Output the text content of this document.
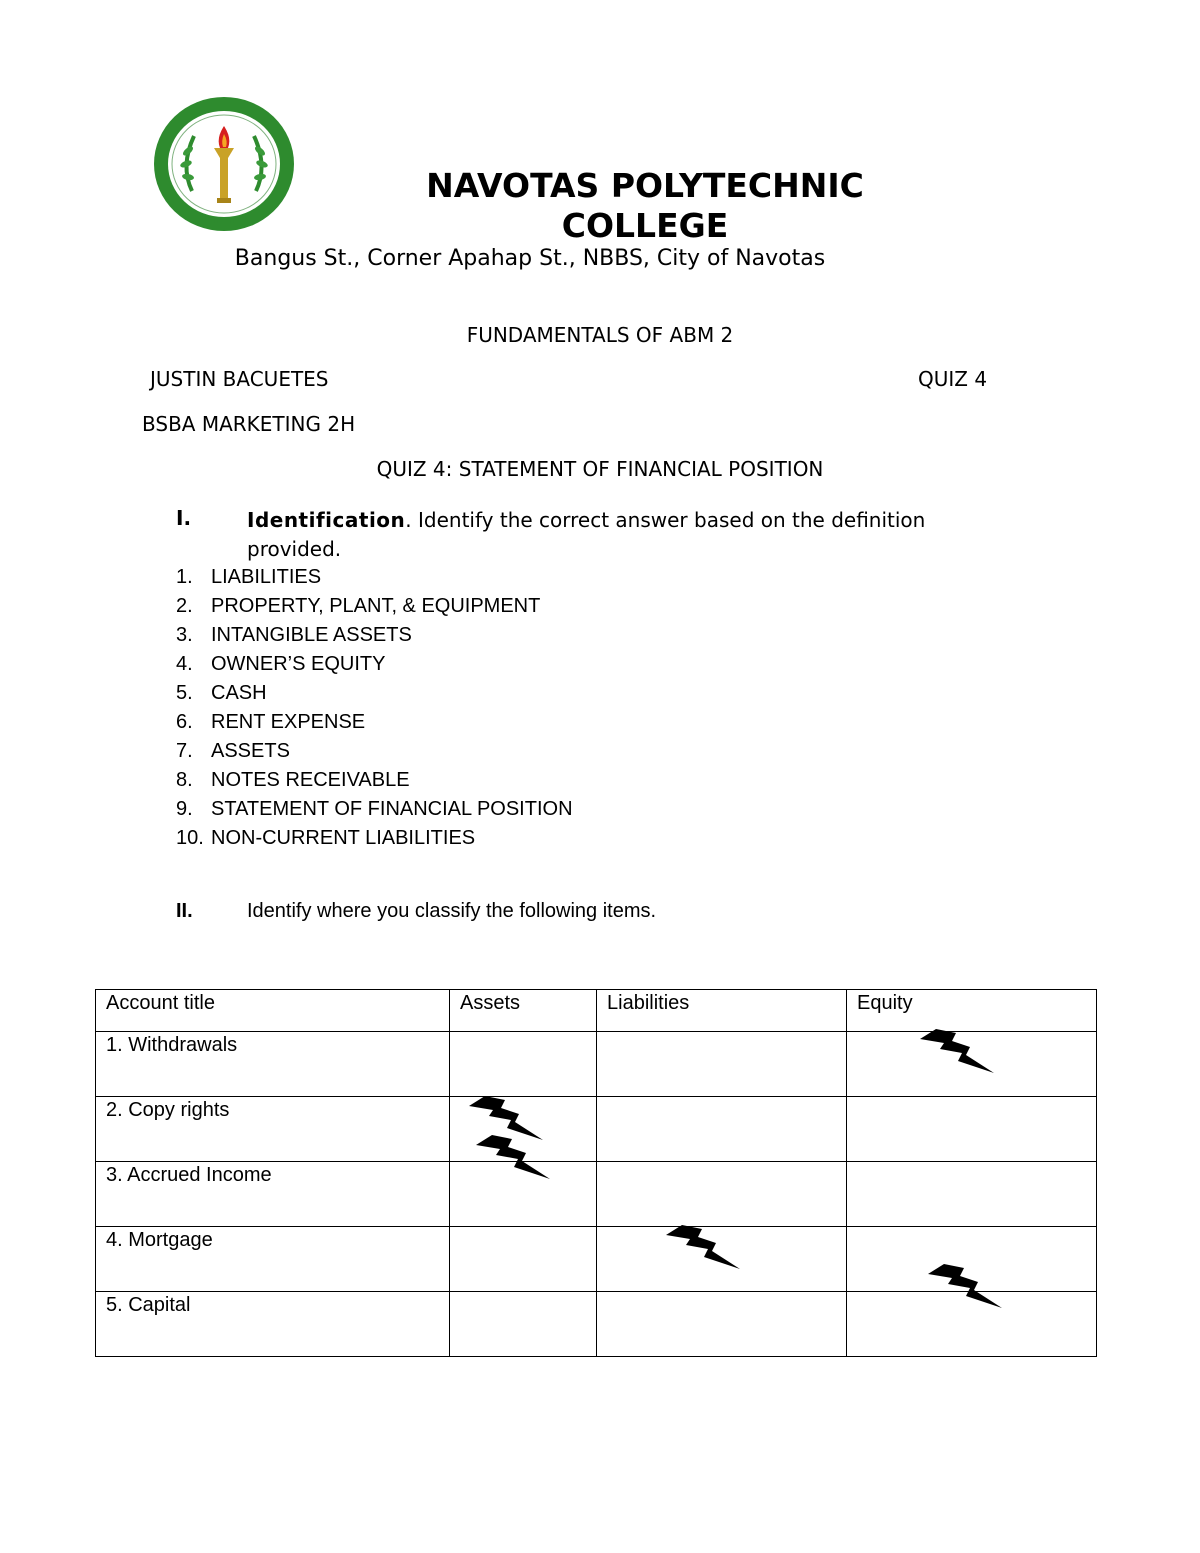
NAVOTAS POLYTECHNIC
COLLEGE
Bangus St., Corner Apahap St., NBBS, City of Navotas
FUNDAMENTALS OF ABM 2
JUSTIN BACUETES	QUIZ 4
BSBA MARKETING 2H
QUIZ 4: STATEMENT OF FINANCIAL POSITION
I.	Identification. Identify the correct answer based on the definition provided.
1. LIABILITIES
2. PROPERTY, PLANT, & EQUIPMENT
3. INTANGIBLE ASSETS
4. OWNER’S EQUITY
5. CASH
6. RENT EXPENSE
7. ASSETS
8. NOTES RECEIVABLE
9. STATEMENT OF FINANCIAL POSITION
10. NON-CURRENT LIABILITIES
II.	Identify where you classify the following items.
Account title	Assets	Liabilities	Equity
1. Withdrawals			
2. Copy rights			
3. Accrued Income			
4. Mortgage			
5. Capital			
